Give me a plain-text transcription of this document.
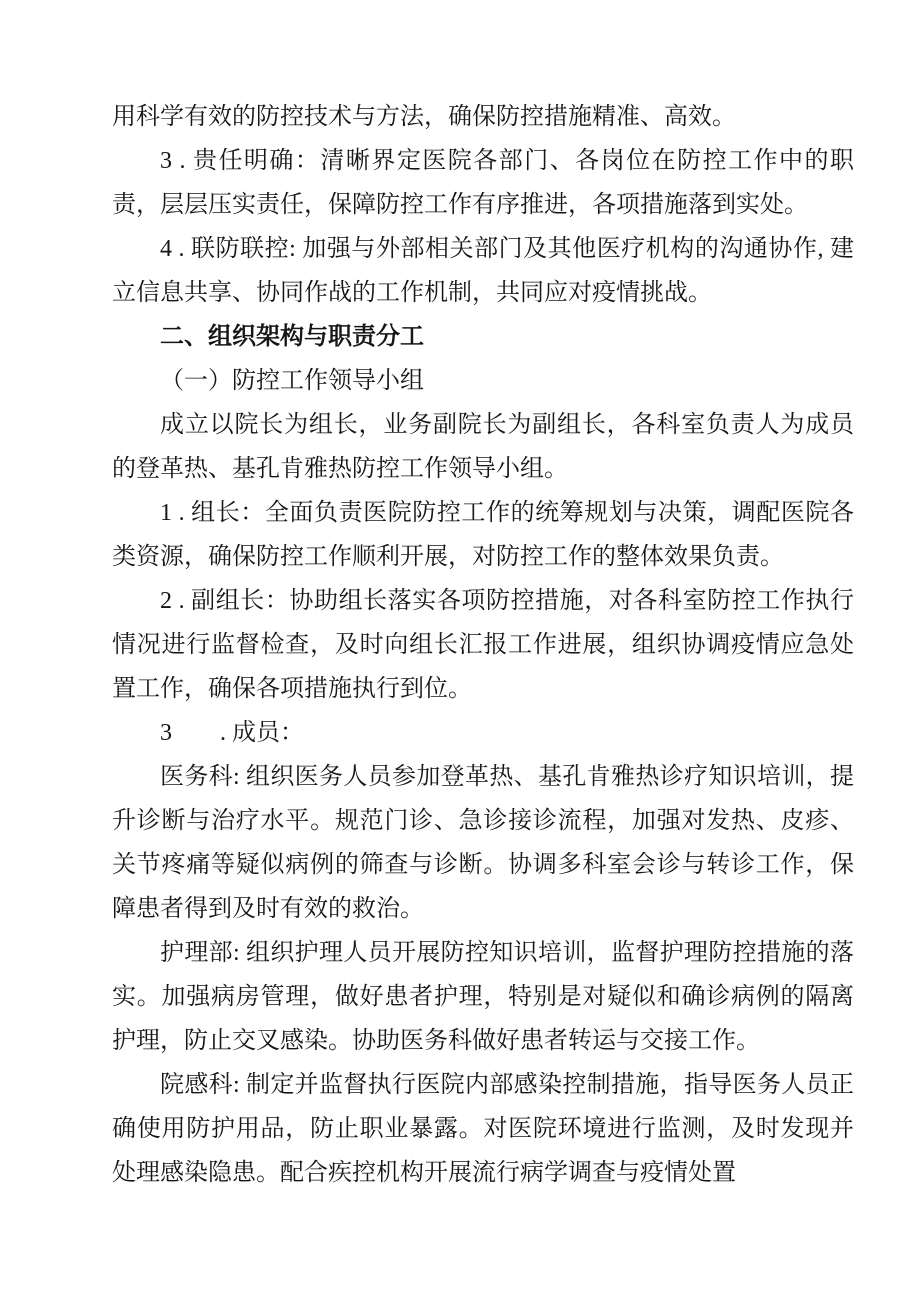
用科学有效的防控技术与方法，确保防控措施精准、高效。

3 . 贵任明确：清晰界定医院各部门、各岗位在防控工作中的职责，层层压实责任，保障防控工作有序推进，各项措施落到实处。

4 . 联防联控: 加强与外部相关部门及其他医疗机构的沟通协作, 建立信息共享、协同作战的工作机制，共同应对疫情挑战。

二、组织架构与职责分工

（一）防控工作领导小组

成立以院长为组长，业务副院长为副组长，各科室负责人为成员的登革热、基孔肯雅热防控工作领导小组。

1 . 组长：全面负责医院防控工作的统筹规划与决策，调配医院各类资源，确保防控工作顺利开展，对防控工作的整体效果负责。

2 . 副组长：协助组长落实各项防控措施，对各科室防控工作执行情况进行监督检查，及时向组长汇报工作进展，组织协调疫情应急处置工作，确保各项措施执行到位。

3　　. 成员：

医务科: 组织医务人员参加登革热、基孔肯雅热诊疗知识培训，提升诊断与治疗水平。规范门诊、急诊接诊流程，加强对发热、皮疹、关节疼痛等疑似病例的筛查与诊断。协调多科室会诊与转诊工作，保障患者得到及时有效的救治。

护理部: 组织护理人员开展防控知识培训，监督护理防控措施的落实。加强病房管理，做好患者护理，特别是对疑似和确诊病例的隔离护理，防止交叉感染。协助医务科做好患者转运与交接工作。

院感科: 制定并监督执行医院内部感染控制措施，指导医务人员正确使用防护用品，防止职业暴露。对医院环境进行监测，及时发现并处理感染隐患。配合疾控机构开展流行病学调查与疫情处置
